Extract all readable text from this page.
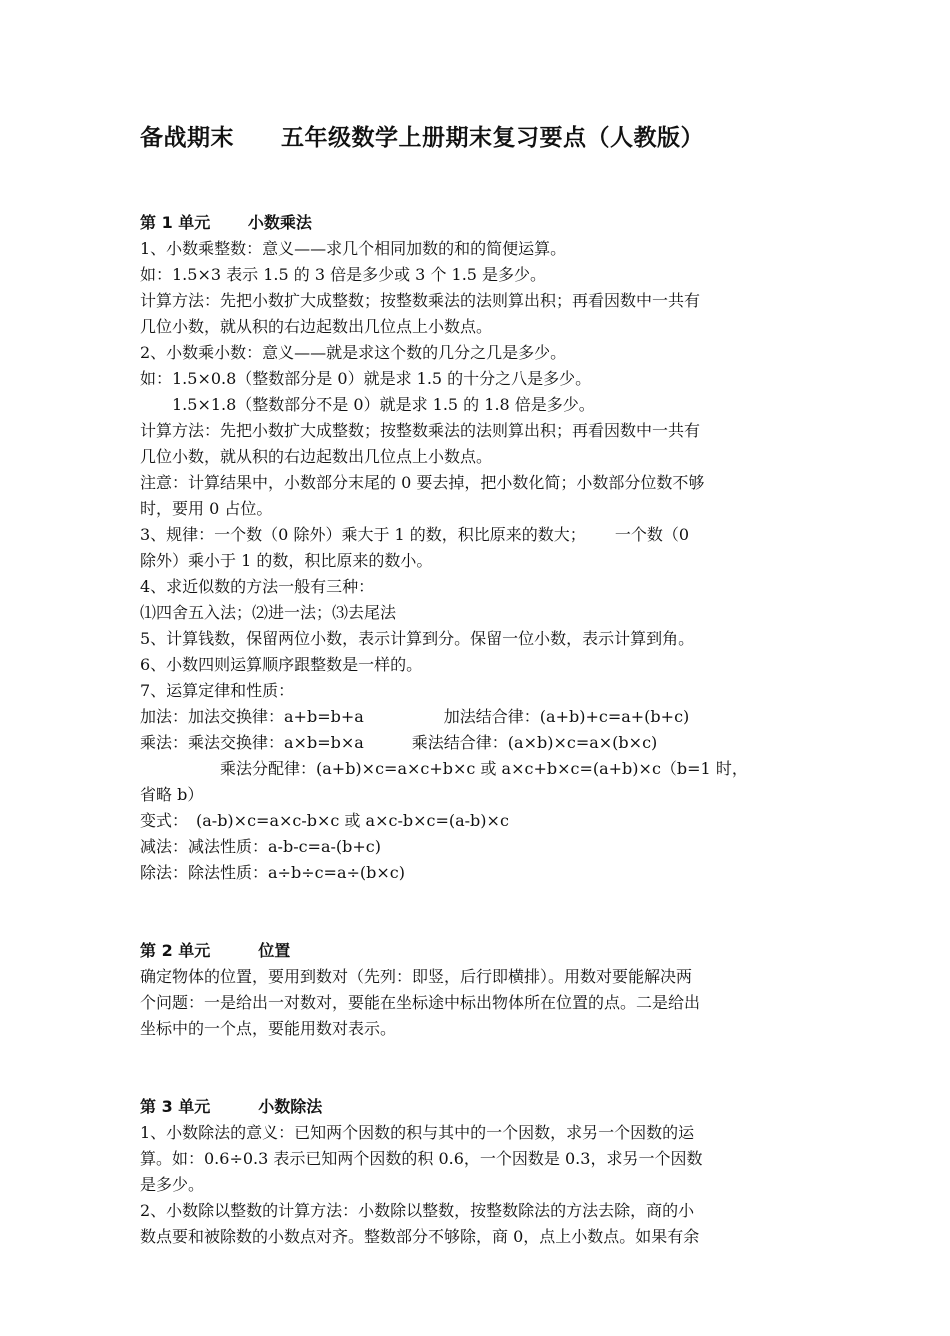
备战期末　　五年级数学上册期末复习要点（人教版）
第 1 单元　　 小数乘法
1、小数乘整数：意义——求几个相同加数的和的简便运算。
如：1.5×3 表示 1.5 的 3 倍是多少或 3 个 1.5 是多少。
计算方法：先把小数扩大成整数；按整数乘法的法则算出积；再看因数中一共有
几位小数，就从积的右边起数出几位点上小数点。
2、小数乘小数：意义——就是求这个数的几分之几是多少。
如：1.5×0.8（整数部分是 0）就是求 1.5 的十分之八是多少。
1.5×1.8（整数部分不是 0）就是求 1.5 的 1.8 倍是多少。
计算方法：先把小数扩大成整数；按整数乘法的法则算出积；再看因数中一共有
几位小数，就从积的右边起数出几位点上小数点。
注意：计算结果中，小数部分末尾的 0 要去掉，把小数化简；小数部分位数不够
时，要用 0 占位。
3、规律：一个数（0 除外）乘大于 1 的数，积比原来的数大；　　 一个数（0
除外）乘小于 1 的数，积比原来的数小。
4、求近似数的方法一般有三种：
⑴四舍五入法；⑵进一法；⑶去尾法
5、计算钱数，保留两位小数，表示计算到分。保留一位小数，表示计算到角。
6、小数四则运算顺序跟整数是一样的。
7、运算定律和性质：
加法：加法交换律：a+b=b+a　　　　　加法结合律：(a+b)+c=a+(b+c)
乘法：乘法交换律：a×b=b×a　　　乘法结合律：(a×b)×c=a×(b×c)
乘法分配律：(a+b)×c=a×c+b×c 或 a×c+b×c=(a+b)×c（b=1 时，
省略 b）
变式：　(a-b)×c=a×c-b×c 或 a×c-b×c=(a-b)×c
减法：减法性质：a-b-c=a-(b+c)
除法：除法性质：a÷b÷c=a÷(b×c)
第 2 单元　　　位置
确定物体的位置，要用到数对（先列：即竖，后行即横排）。用数对要能解决两
个问题：一是给出一对数对，要能在坐标途中标出物体所在位置的点。二是给出
坐标中的一个点，要能用数对表示。
第 3 单元　　　小数除法
1、小数除法的意义：已知两个因数的积与其中的一个因数，求另一个因数的运
算。如：0.6÷0.3 表示已知两个因数的积 0.6，一个因数是 0.3，求另一个因数
是多少。
2、小数除以整数的计算方法：小数除以整数，按整数除法的方法去除，商的小
数点要和被除数的小数点对齐。整数部分不够除，商 0，点上小数点。如果有余
